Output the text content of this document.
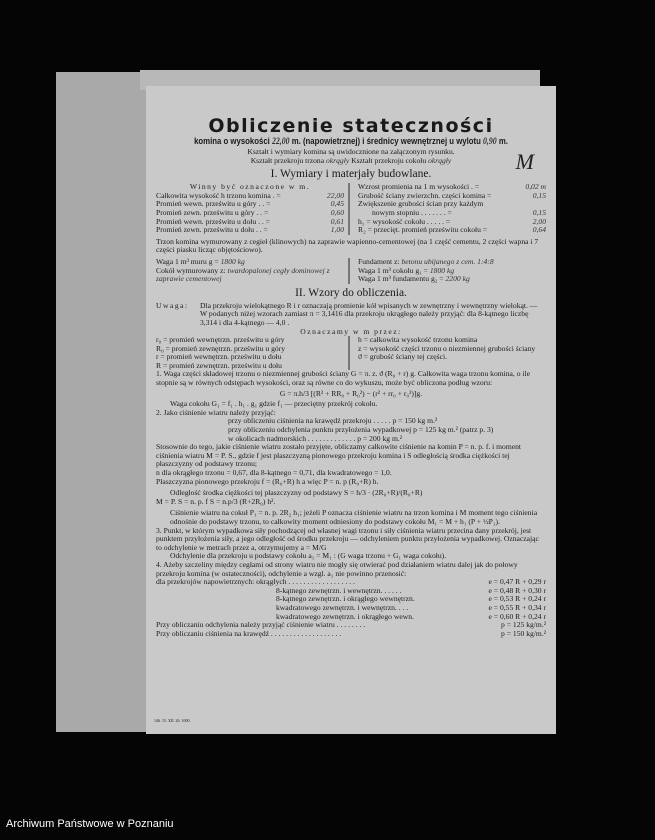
M
Obliczenie stateczności
komina o wysokości 22,00 m. (napowietrznej) i średnicy wewnętrznej u wylotu 0,90 m.
Kształt i wymiary komina są uwidocznione na załączonym rysunku.
Kształt przekroju trzona okrągły Kształt przekroju cokołu okrągły
I. Wymiary i materjały budowlane.
Winny być oznaczone w m.
Całkowita wysokość h trzonu komina . =	22,00
Promień wewn. prześwitu u góry . . =	0,45
Promień zewn. prześwitu u góry . . =	0,60
Promień wewn. prześwitu u dołu . . =	0,61
Promień zewn. prześwitu u dołu . . =	1,00
Wzrost promienia na 1 m wysokości . =	0,02 m
Grubość ściany zwierzchn. części komina =	0,15
Zwiększenie grubości ścian przy każdym
nowym stopniu . . . . . . . =	0,15
h₁ = wysokość cokołu . . . . . =	2,00
R₂ = przecięt. promień prześwitu cokołu =	0,64
Trzon komina wymurowany z cegieł (klinowych) na zaprawie wapienno-cementowej (na 1 część cementu, 2 części wapna i 7 części piasku licząc objętościowo).
Waga 1 m³ muru g = 1800 kg
Cokół wymurowany z: twardopalonej cegły dominowej z zaprawie cementowej
Fundament z: betonu ubijanego z cem. 1:4:8
Waga 1 m³ cokołu g₁ = 1800 kg
Waga 1 m³ fundamentu g₂ = 2200 kg
II. Wzory do obliczenia.
Uwaga:	Dla przekroju wielokątnego R i r oznaczają promienie kół wpisanych w zewnętrzny i wewnętrzny wielokąt. — W podanych niżej wzorach zamiast π = 3,1416 dla przekroju okrągłego należy przyjąć: dla 8-kątnego liczbę 3,314 i dla 4-kątnego — 4,0 .
Oznaczamy w m przez:
r₀ = promień wewnętrzn. prześwitu u góry
R₀ = promień zewnętrzn. prześwitu u góry
r = promień wewnętrzn. prześwitu u dołu
R = promień zewnętrzn. prześwitu u dołu
h = całkowita wysokość trzonu komina
z = wysokość części trzonu o niezmiennej grubości ściany
ϑ = grubość ściany tej części.
1. Waga części składowej trzonu o niezmiennej grubości ściany G = π. z. ϑ (R₀ + r) g. Całkowita waga trzonu komina, o ile stopnie są w równych odstępach wysokości, oraz są równe co do wykuszu, może być obliczona podług wzoru:
G = π.h/3 [(R² + RR₀ + R₀²) − (r² + rr₀ + r₀²)]g.
Waga cokołu G₁ = f₁ . h₁ . g₁ gdzie f₁ — przeciętny przekrój cokołu.
2. Jako ciśnienie wiatru należy przyjąć:
przy obliczeniu ciśnienia na krawędź przekroju . . . . . p = 150 kg m.²
przy obliczeniu odchylenia punktu przyłożenia wypadkowej p = 125 kg m.² (patrz p. 3)
w okolicach nadmorskich . . . . . . . . . . . . . p = 200 kg m.²
Stosownie do tego, jakie ciśnienie wiatru zostało przyjęte, obliczamy całkowite ciśnienie na komin P = n. p. f. i moment ciśnienia wiatru M = P. S., gdzie f jest płaszczyzną pionowego przekroju komina i S odległością środka ciężkości tej płaszczyzny od podstawy trzonu;
n dla okrągłego trzonu = 0,67, dla 8-kątnego = 0,71, dla kwadratowego = 1,0.
Płaszczyzna pionowego przekroju f = (R₀+R) h a więc P = n. p (R₀+R) h.
Odległość środka ciężkości tej płaszczyzny od podstawy S = h/3 · (2R₀+R)/(R₀+R)
M = P. S = n. p. f S = n.p/3 (R+2R₀) h².
Ciśnienie wiatru na cokuł P₁ = n. p. 2R₂ h₁; jeżeli P oznacza ciśnienie wiatru na trzon komina i M moment tego ciśnienia odnośnie do podstawy trzonu, to całkowity moment odniesiony do podstawy cokołu M₁ = M + h₁ (P + ½P₁).
3. Punkt, w którym wypadkowa siły pochodzącej od własnej wagi trzonu i siły ciśnienia wiatru przecina dany przekrój, jest punktem przyłożenia siły, a jego odległość od środku przekroju — odchyleniem punktu przyłożenia wypadkowej. Oznaczając to odchylenie w metrach przez a, otrzymujemy a = M/G
Odchylenie dla przekroju u podstawy cokołu a₁ = M₁ : (G waga trzonu + G₁ waga cokołu).
4. Ażeby szczeliny między cegłami od strony wiatru nie mogły się otwierać pod działaniem wiatru dalej jak do połowy przekroju komina (w ostateczności), odchylenie a wzgl. a₁ nie powinno przenosić:
dla przekrojów napowietrznych: okrągłych . . . . . . . . . . . . . . . . . .	e = 0,47 R + 0,29 r
8-kątnego zewnętrzn. i wewnętrzn. . . . . .	e = 0,48 R + 0,30 r
8-kątnego zewnętrzn. i okrągłego wewnętrzn.	e = 0,53 R + 0,24 r
kwadratowego zewnętrzn. i wewnętrzn. . . .	e = 0,55 R + 0,34 r
kwadratowego zewnętrzn. i okrągłego wewn.	e = 0,60 R + 0,24 r
Przy obliczaniu odchylenia należy przyjąć ciśnienie wiatru . . . . . . . .	p = 125 kg/m.²
Przy obliczaniu ciśnienia na krawędź . . . . . . . . . . . . . . . . . . .	p = 150 kg/m.²
146. 15. XII. 26. 1000.
Archiwum Państwowe w Poznaniu
